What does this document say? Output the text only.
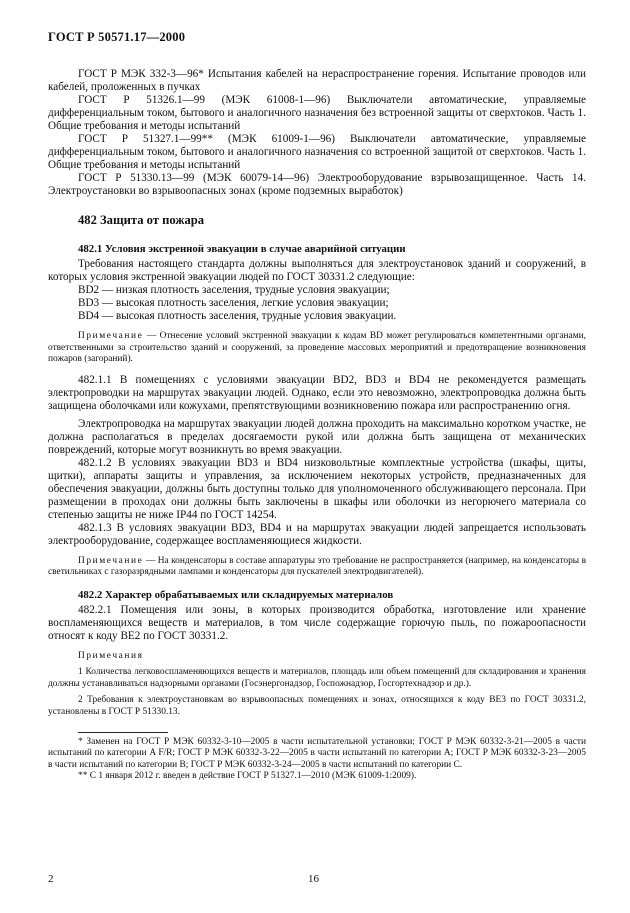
ГОСТ Р 50571.17—2000

ГОСТ Р МЭК 332-3—96* Испытания кабелей на нераспространение горения. Испытание проводов или кабелей, проложенных в пучках

ГОСТ Р 51326.1—99 (МЭК 61008-1—96) Выключатели автоматические, управляемые дифференциальным током, бытового и аналогичного назначения без встроенной защиты от сверхтоков. Часть 1. Общие требования и методы испытаний

ГОСТ Р 51327.1—99** (МЭК 61009-1—96) Выключатели автоматические, управляемые дифференциальным током, бытового и аналогичного назначения со встроенной защитой от сверхтоков. Часть 1. Общие требования и методы испытаний

ГОСТ Р 51330.13—99 (МЭК 60079-14—96) Электрооборудование взрывозащищенное. Часть 14. Электроустановки во взрывоопасных зонах (кроме подземных выработок)

482 Защита от пожара
482.1 Условия экстренной эвакуации в случае аварийной ситуации

Требования настоящего стандарта должны выполняться для электроустановок зданий и сооружений, в которых условия экстренной эвакуации людей по ГОСТ 30331.2 следующие:

BD2 — низкая плотность заселения, трудные условия эвакуации;

BD3 — высокая плотность заселения, легкие условия эвакуации;

BD4 — высокая плотность заселения, трудные условия эвакуации.

Примечание — Отнесение условий экстренной эвакуации к кодам BD может регулироваться компетентными органами, ответственными за строительство зданий и сооружений, за проведение массовых мероприятий и предотвращение возникновения пожаров (загораний).

482.1.1 В помещениях с условиями эвакуации BD2, BD3 и BD4 не рекомендуется размещать электропроводки на маршрутах эвакуации людей. Однако, если это невозможно, электропроводка должна быть защищена оболочками или кожухами, препятствующими возникновению пожара или распространению огня.

Электропроводка на маршрутах эвакуации людей должна проходить на максимально коротком участке, не должна располагаться в пределах досягаемости рукой или должна быть защищена от механических повреждений, которые могут возникнуть во время эвакуации.

482.1.2 В условиях эвакуации BD3 и BD4 низковольтные комплектные устройства (шкафы, щиты, щитки), аппараты защиты и управления, за исключением некоторых устройств, предназначенных для обеспечения эвакуации, должны быть доступны только для уполномоченного обслуживающего персонала. При размещении в проходах они должны быть заключены в шкафы или оболочки из негорючего материала со степенью защиты не ниже IP44 по ГОСТ 14254.

482.1.3 В условиях эвакуации BD3, BD4 и на маршрутах эвакуации людей запрещается использовать электрооборудование, содержащее воспламеняющиеся жидкости.

Примечание — На конденсаторы в составе аппаратуры это требование не распространяется (например, на конденсаторы в светильниках с газоразрядными лампами и конденсаторы для пускателей электродвигателей).

482.2 Характер обрабатываемых или складируемых материалов

482.2.1 Помещения или зоны, в которых производится обработка, изготовление или хранение воспламеняющихся веществ и материалов, в том числе содержащие горючую пыль, по пожароопасности относят к коду BE2 по ГОСТ 30331.2.

Примечания

1 Количества легковоспламеняющихся веществ и материалов, площадь или объем помещений для складирования и хранения должны устанавливаться надзорными органами (Госэнергонадзор, Госпожнадзор, Госгортехнадзор и др.).

2 Требования к электроустановкам во взрывоопасных помещениях и зонах, относящихся к коду BE3 по ГОСТ 30331.2, установлены в ГОСТ Р 51330.13.

* Заменен на ГОСТ Р МЭК 60332-3-10—2005 в части испытательной установки; ГОСТ Р МЭК 60332-3-21—2005 в части испытаний по категории A F/R; ГОСТ Р МЭК 60332-3-22—2005 в части испытаний по категории А; ГОСТ Р МЭК 60332-3-23—2005 в части испытаний по категории В; ГОСТ Р МЭК 60332-3-24—2005 в части испытаний по категории С.

** С 1 января 2012 г. введен в действие ГОСТ Р 51327.1—2010 (МЭК 61009-1:2009).

2	16
